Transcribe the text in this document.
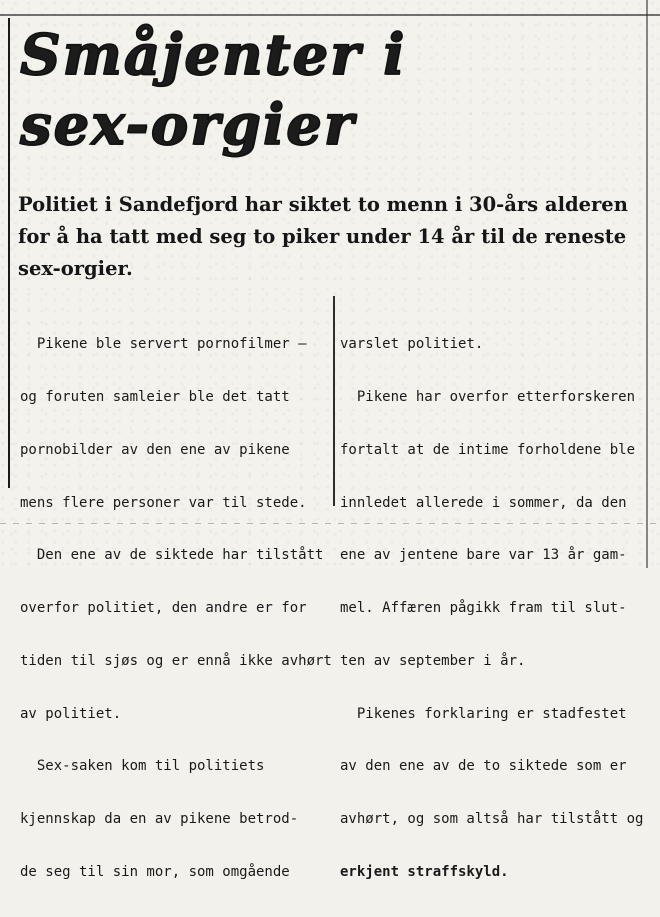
Småjenter i
sex-orgier

Politiet i Sandefjord har siktet to menn i 30-års alderen for å ha tatt med seg to piker under 14 år til de reneste sex-orgier.

Pikene ble servert pornofilmer —

og foruten samleier ble det tatt

pornobilder av den ene av pikene

mens flere personer var til stede.

Den ene av de siktede har tilstått

overfor politiet, den andre er for

tiden til sjøs og er ennå ikke avhørt

av politiet.

Sex-saken kom til politiets

kjennskap da en av pikene betrod-

de seg til sin mor, som omgående

varslet politiet.

Pikene har overfor etterforskeren

fortalt at de intime forholdene ble

innledet allerede i sommer, da den

ene av jentene bare var 13 år gam-

mel. Affæren pågikk fram til slut-

ten av september i år.

Pikenes forklaring er stadfestet

av den ene av de to siktede som er

avhørt, og som altså har tilstått og

erkjent straffskyld.
